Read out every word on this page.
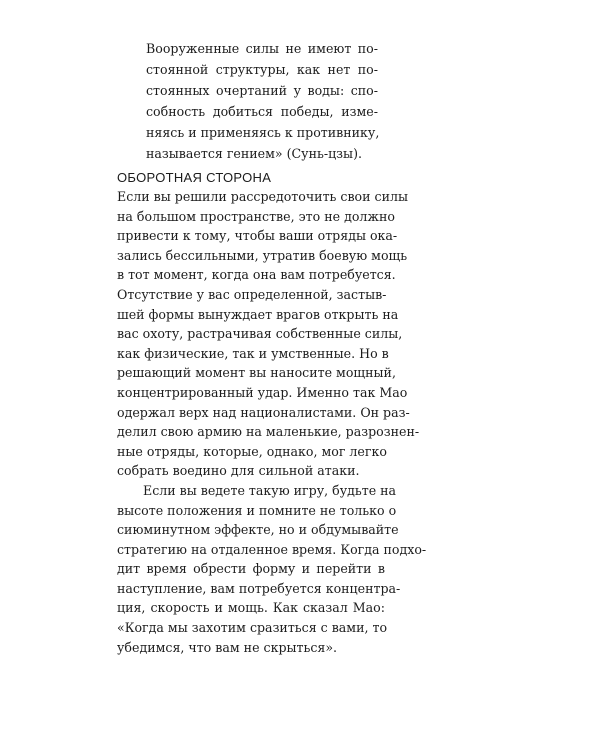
Вооруженные силы не имеют по-
стоянной структуры, как нет по-
стоянных очертаний у воды: спо-
собность добиться победы, изме-
няясь и применяясь к противнику,
называется гением» (Сунь-цзы).
ОБОРОТНАЯ СТОРОНА
Если вы решили рассредоточить свои силы
на большом пространстве, это не должно
привести к тому, чтобы ваши отряды ока-
зались бессильными, утратив боевую мощь
в тот момент, когда она вам потребуется.
Отсутствие у вас определенной, застыв-
шей формы вынуждает врагов открыть на
вас охоту, растрачивая собственные силы,
как физические, так и умственные. Но в
решающий момент вы наносите мощный,
концентрированный удар. Именно так Мао
одержал верх над националистами. Он раз-
делил свою армию на маленькие, разрознен-
ные отряды, которые, однако, мог легко
собрать воедино для сильной атаки.
Если вы ведете такую игру, будьте на
высоте положения и помните не только о
сиюминутном эффекте, но и обдумывайте
стратегию на отдаленное время. Когда подхо-
дит время обрести форму и перейти в
наступление, вам потребуется концентра-
ция, скорость и мощь. Как сказал Мао:
«Когда мы захотим сразиться с вами, то
убедимся, что вам не скрыться».
